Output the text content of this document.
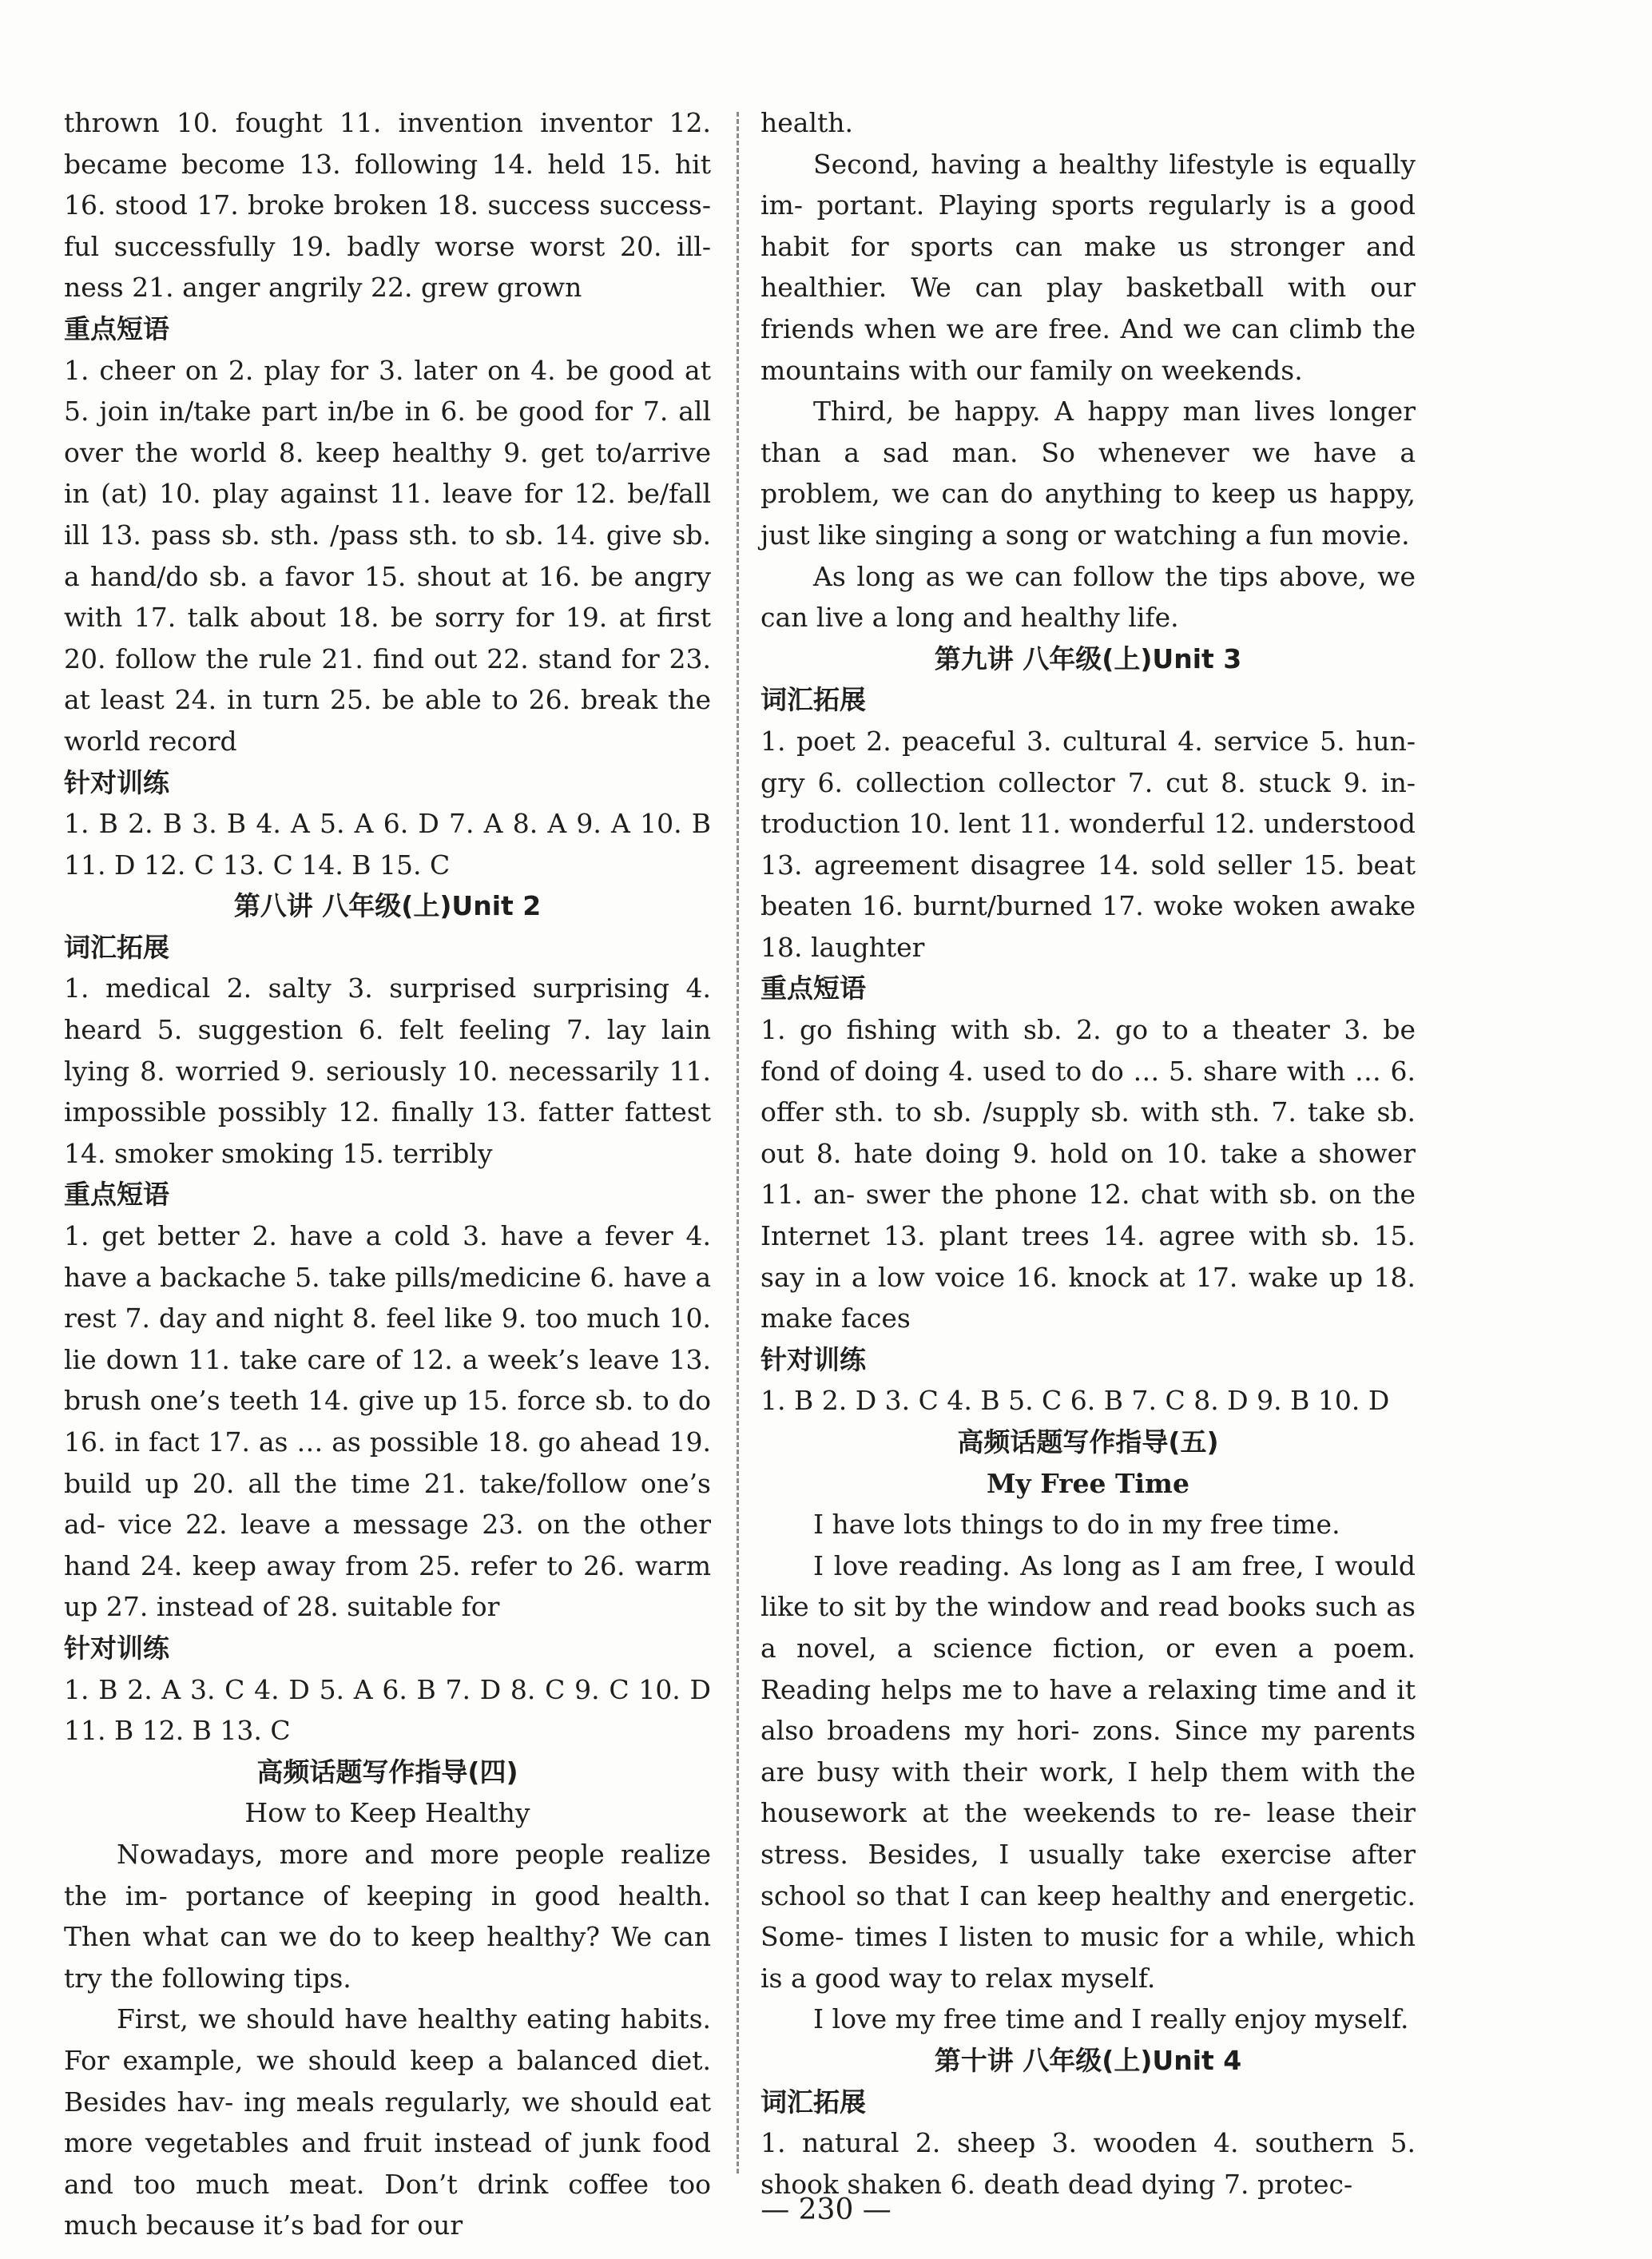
thrown 10. fought 11. invention inventor 12. became become 13. following 14. held 15. hit 16. stood 17. broke broken 18. success success- ful successfully 19. badly worse worst 20. ill- ness 21. anger angrily 22. grew grown

重点短语

1. cheer on 2. play for 3. later on 4. be good at 5. join in/take part in/be in 6. be good for 7. all over the world 8. keep healthy 9. get to/arrive in (at) 10. play against 11. leave for 12. be/fall ill 13. pass sb. sth. /pass sth. to sb. 14. give sb. a hand/do sb. a favor 15. shout at 16. be angry with 17. talk about 18. be sorry for 19. at first 20. follow the rule 21. find out 22. stand for 23. at least 24. in turn 25. be able to 26. break the world record

针对训练

1. B 2. B 3. B 4. A 5. A 6. D 7. A 8. A 9. A 10. B 11. D 12. C 13. C 14. B 15. C

第八讲 八年级(上)Unit 2

词汇拓展

1. medical 2. salty 3. surprised surprising 4. heard 5. suggestion 6. felt feeling 7. lay lain lying 8. worried 9. seriously 10. necessarily 11. impossible possibly 12. finally 13. fatter fattest 14. smoker smoking 15. terribly

重点短语

1. get better 2. have a cold 3. have a fever 4. have a backache 5. take pills/medicine 6. have a rest 7. day and night 8. feel like 9. too much 10. lie down 11. take care of 12. a week’s leave 13. brush one’s teeth 14. give up 15. force sb. to do 16. in fact 17. as … as possible 18. go ahead 19. build up 20. all the time 21. take/follow one’s ad- vice 22. leave a message 23. on the other hand 24. keep away from 25. refer to 26. warm up 27. instead of 28. suitable for

针对训练

1. B 2. A 3. C 4. D 5. A 6. B 7. D 8. C 9. C 10. D 11. B 12. B 13. C

高频话题写作指导(四)

How to Keep Healthy

Nowadays, more and more people realize the im- portance of keeping in good health. Then what can we do to keep healthy? We can try the following tips.

First, we should have healthy eating habits. For example, we should keep a balanced diet. Besides hav- ing meals regularly, we should eat more vegetables and fruit instead of junk food and too much meat. Don’t drink coffee too much because it’s bad for our

health.

Second, having a healthy lifestyle is equally im- portant. Playing sports regularly is a good habit for sports can make us stronger and healthier. We can play basketball with our friends when we are free. And we can climb the mountains with our family on weekends.

Third, be happy. A happy man lives longer than a sad man. So whenever we have a problem, we can do anything to keep us happy, just like singing a song or watching a fun movie.

As long as we can follow the tips above, we can live a long and healthy life.

第九讲 八年级(上)Unit 3

词汇拓展

1. poet 2. peaceful 3. cultural 4. service 5. hun- gry 6. collection collector 7. cut 8. stuck 9. in- troduction 10. lent 11. wonderful 12. understood 13. agreement disagree 14. sold seller 15. beat beaten 16. burnt/burned 17. woke woken awake 18. laughter

重点短语

1. go fishing with sb. 2. go to a theater 3. be fond of doing 4. used to do … 5. share with … 6. offer sth. to sb. /supply sb. with sth. 7. take sb. out 8. hate doing 9. hold on 10. take a shower 11. an- swer the phone 12. chat with sb. on the Internet 13. plant trees 14. agree with sb. 15. say in a low voice 16. knock at 17. wake up 18. make faces

针对训练

1. B 2. D 3. C 4. B 5. C 6. B 7. C 8. D 9. B 10. D

高频话题写作指导(五)

My Free Time

I have lots things to do in my free time.

I love reading. As long as I am free, I would like to sit by the window and read books such as a novel, a science fiction, or even a poem. Reading helps me to have a relaxing time and it also broadens my hori- zons. Since my parents are busy with their work, I help them with the housework at the weekends to re- lease their stress. Besides, I usually take exercise after school so that I can keep healthy and energetic. Some- times I listen to music for a while, which is a good way to relax myself.

I love my free time and I really enjoy myself.

第十讲 八年级(上)Unit 4

词汇拓展

1. natural 2. sheep 3. wooden 4. southern 5. shook shaken 6. death dead dying 7. protec-

— 230 —
